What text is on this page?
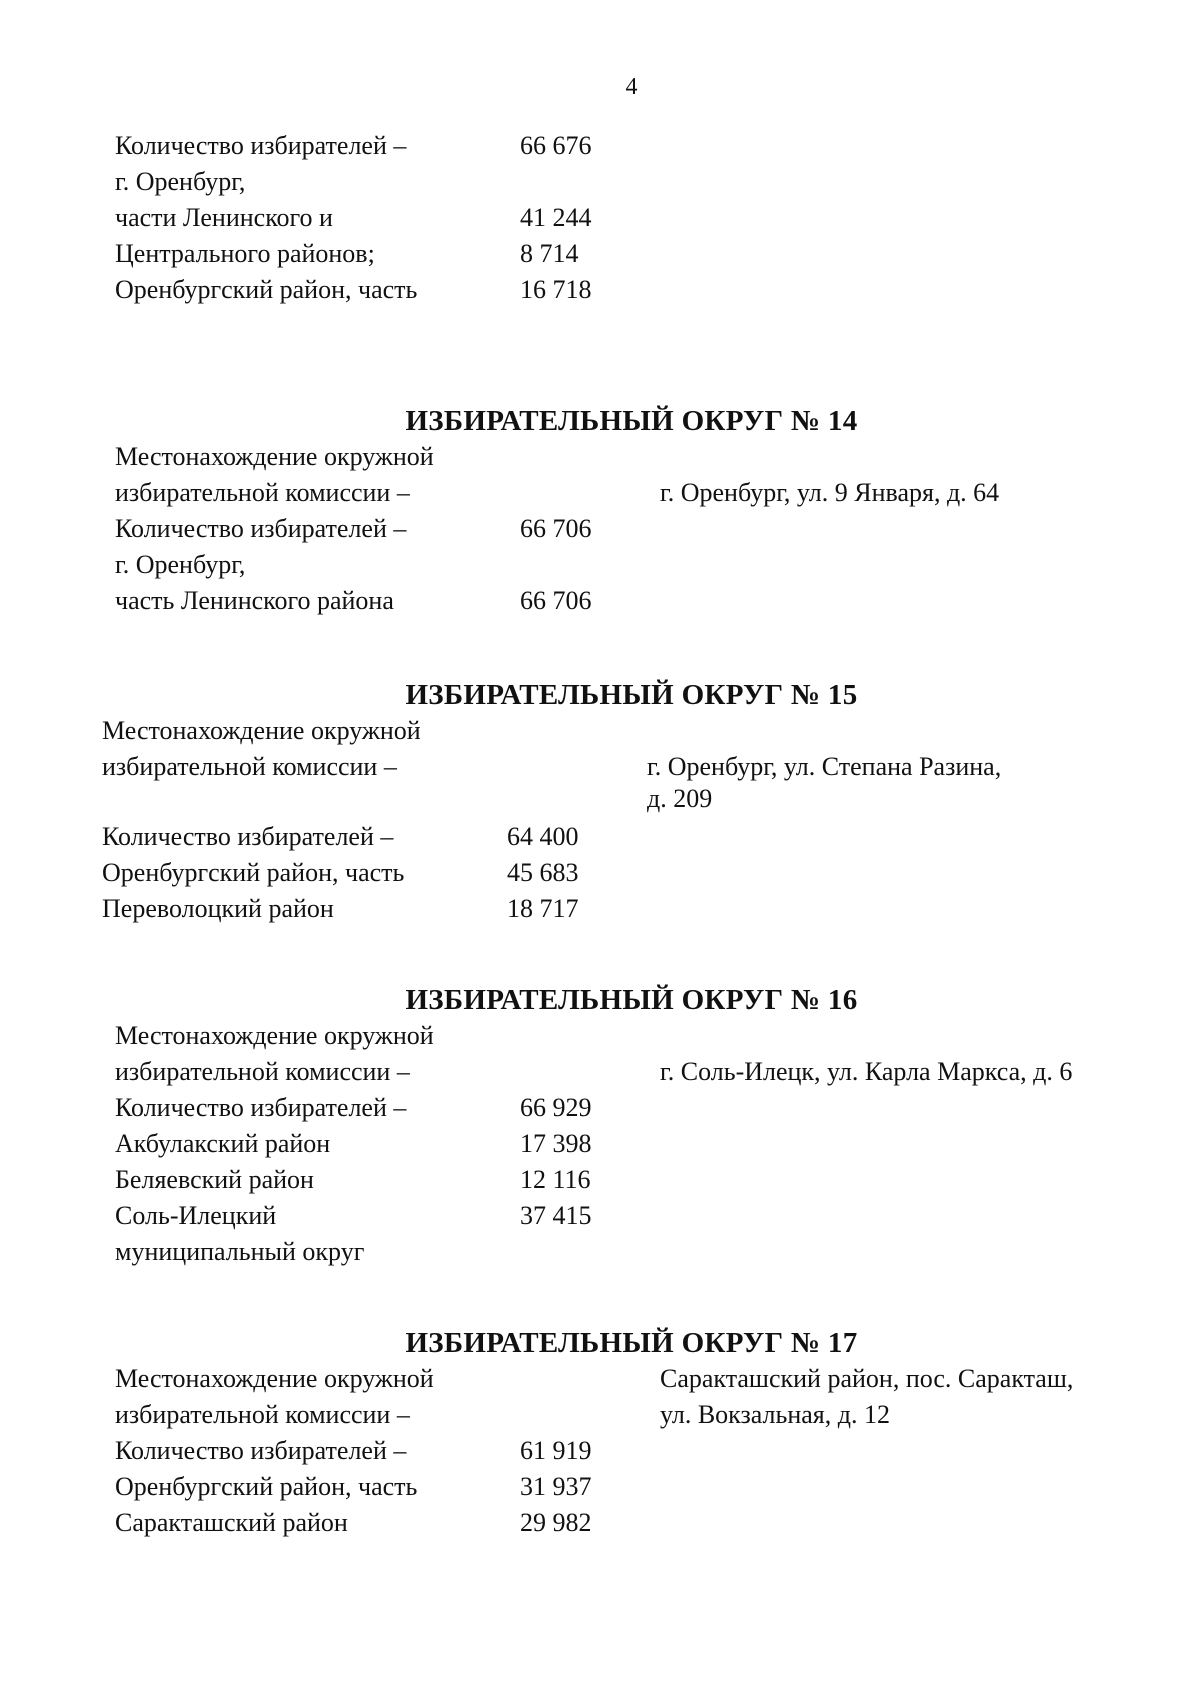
4
Количество избирателей –	66 676
г. Оренбург,
части Ленинского и	41 244
Центрального районов;	8 714
Оренбургский район, часть	16 718
ИЗБИРАТЕЛЬНЫЙ ОКРУГ № 14
Местонахождение окружной
избирательной комиссии –	г. Оренбург, ул. 9 Января, д. 64
Количество избирателей –	66 706
г. Оренбург,
часть Ленинского района	66 706
ИЗБИРАТЕЛЬНЫЙ ОКРУГ № 15
Местонахождение окружной
избирательной комиссии –	г. Оренбург, ул. Степана Разина,
д. 209
Количество избирателей –	64 400
Оренбургский район, часть	45 683
Переволоцкий район	18 717
ИЗБИРАТЕЛЬНЫЙ ОКРУГ № 16
Местонахождение окружной
избирательной комиссии –	г. Соль-Илецк, ул. Карла Маркса, д. 6
Количество избирателей –	66 929
Акбулакский район	17 398
Беляевский район	12 116
Соль-Илецкий	37 415
муниципальный округ
ИЗБИРАТЕЛЬНЫЙ ОКРУГ № 17
Местонахождение окружной	Саракташский район, пос. Саракташ,
избирательной комиссии –	ул. Вокзальная, д. 12
Количество избирателей –	61 919
Оренбургский район, часть	31 937
Саракташский район	29 982
